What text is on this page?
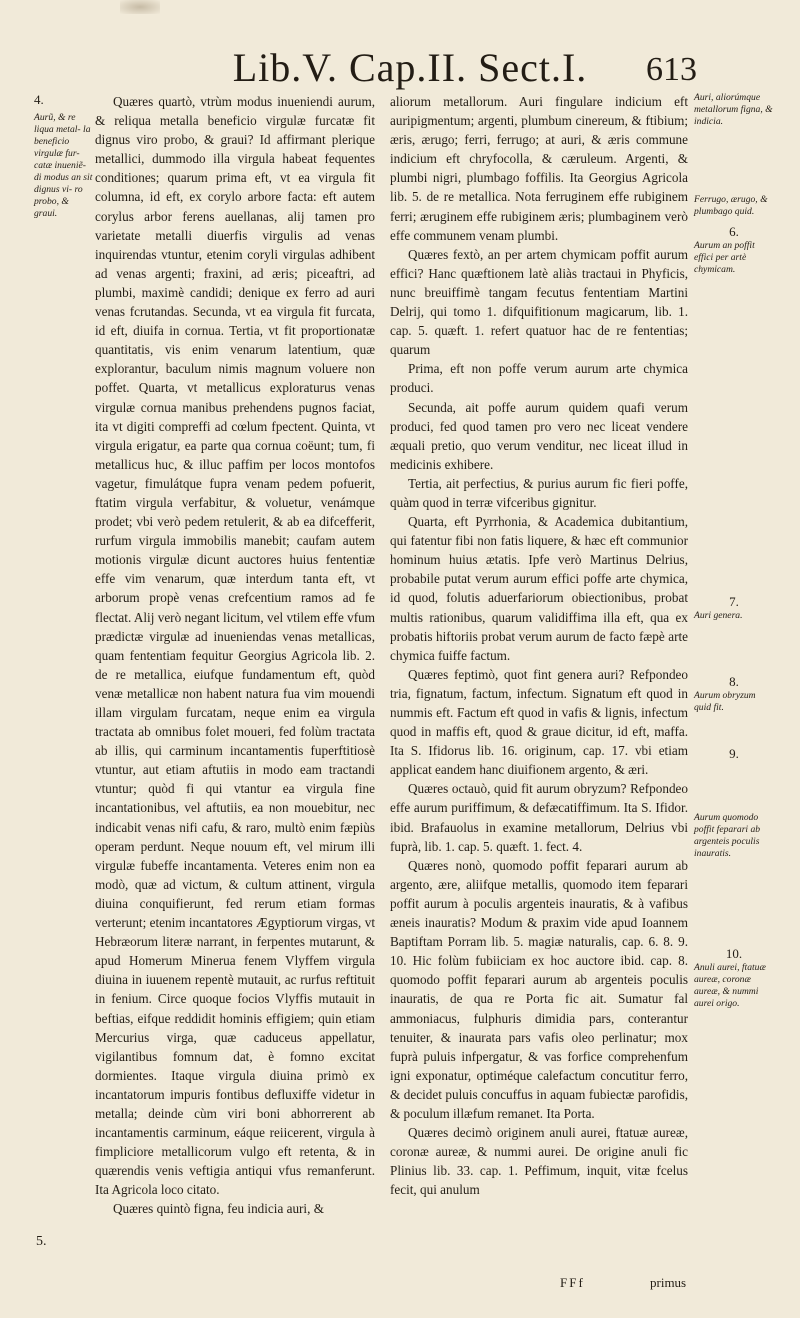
Lib.V. Cap.II. Sect.I.	613
4.
Aurũ, & re liqua metal- la beneficio virgulæ fur- catæ inueniẽ- di modus an sit dignus vi- ro probo, & graui.
5.

Quæres quartò, vtrùm modus inueniendi aurum, & reliqua metalla beneficio virgulæ furcatæ fit dignus viro probo, & graui? Id affirmant plerique metallici, dummodo illa virgula habeat fequentes conditiones; quarum prima eft, vt ea virgula fit columna, id eft, ex corylo arbore facta: eft autem corylus arbor ferens auellanas, alij tamen pro varietate metalli diuerfis virgulis ad venas inquirendas vtuntur, etenim coryli virgulas adhibent ad venas argenti; fraxini, ad æris; piceaftri, ad plumbi, maximè candidi; denique ex ferro ad auri venas fcrutandas. Secunda, vt ea virgula fit furcata, id eft, diuifa in cornua. Tertia, vt fit proportionatæ quantitatis, vis enim venarum latentium, quæ explorantur, baculum nimis magnum voluere non poffet. Quarta, vt metallicus exploraturus venas virgulæ cornua manibus prehendens pugnos faciat, ita vt digiti compreffi ad cœlum fpectent. Quinta, vt virgula erigatur, ea parte qua cornua coëunt; tum, fi metallicus huc, & illuc paffim per locos montofos vagetur, fimulátque fupra venam pedem pofuerit, ftatim virgula verfabitur, & voluetur, venámque prodet; vbi verò pedem retulerit, & ab ea difcefferit, rurfum virgula immobilis manebit; caufam autem motionis virgulæ dicunt auctores huius fententiæ effe vim venarum, quæ interdum tanta eft, vt arborum propè venas crefcentium ramos ad fe flectat. Alij verò negant licitum, vel vtilem effe vfum prædictæ virgulæ ad inueniendas venas metallicas, quam fententiam fequitur Georgius Agricola lib. 2. de re metallica, eiufque fundamentum eft, quòd venæ metallicæ non habent natura fua vim mouendi illam virgulam furcatam, neque enim ea virgula tractata ab omnibus folet moueri, fed folùm tractata ab illis, qui carminum incantamentis fuperftitiosè vtuntur, aut etiam aftutiis in modo eam tractandi vtuntur; quòd fi qui vtantur ea virgula fine incantationibus, vel aftutiis, ea non mouebitur, nec indicabit venas nifi cafu, & raro, multò enim fæpiùs operam perdunt. Neque nouum eft, vel mirum illi virgulæ fubeffe incantamenta. Veteres enim non ea modò, quæ ad victum, & cultum attinent, virgula diuina conquifierunt, fed rerum etiam formas verterunt; etenim incantatores Ægyptiorum virgas, vt Hebræorum literæ narrant, in ferpentes mutarunt, & apud Homerum Minerua fenem Vlyffem virgula diuina in iuuenem repentè mutauit, ac rurfus reftituit in fenium. Circe quoque focios Vlyffis mutauit in beftias, eifque reddidit hominis effigiem; quin etiam Mercurius virga, quæ caduceus appellatur, vigilantibus fomnum dat, è fomno excitat dormientes. Itaque virgula diuina primò ex incantatorum impuris fontibus defluxiffe videtur in metalla; deinde cùm viri boni abhorrerent ab incantamentis carminum, eáque reiicerent, virgula à fimpliciore metallicorum vulgo eft retenta, & in quærendis venis veftigia antiqui vfus remanferunt. Ita Agricola loco citato.

Quæres quintò figna, feu indicia auri, &

aliorum metallorum. Auri fingulare indicium eft auripigmentum; argenti, plumbum cinereum, & ftibium; æris, ærugo; ferri, ferrugo; at auri, & æris commune indicium eft chryfocolla, & cæruleum. Argenti, & plumbi nigri, plumbago foffilis. Ita Georgius Agricola lib. 5. de re metallica. Nota ferruginem effe rubiginem ferri; æruginem effe rubiginem æris; plumbaginem verò effe communem venam plumbi.

Quæres fextò, an per artem chymicam poffit aurum effici? Hanc quæftionem latè aliàs tractaui in Phyficis, nunc breuiffimè tangam fecutus fententiam Martini Delrij, qui tomo 1. difquifitionum magicarum, lib. 1. cap. 5. quæft. 1. refert quatuor hac de re fententias; quarum

Prima, eft non poffe verum aurum arte chymica produci.

Secunda, ait poffe aurum quidem quafi verum produci, fed quod tamen pro vero nec liceat vendere æquali pretio, quo verum venditur, nec liceat illud in medicinis exhibere.

Tertia, ait perfectius, & purius aurum fic fieri poffe, quàm quod in terræ vifceribus gignitur.

Quarta, eft Pyrrhonia, & Academica dubitantium, qui fatentur fibi non fatis liquere, & hæc eft communior hominum huius ætatis. Ipfe verò Martinus Delrius, probabile putat verum aurum effici poffe arte chymica, id quod, folutis aduerfariorum obiectionibus, probat multis rationibus, quarum validiffima illa eft, qua ex probatis hiftoriis probat verum aurum de facto fæpè arte chymica fuiffe factum.

Quæres feptimò, quot fint genera auri? Refpondeo tria, fignatum, factum, infectum. Signatum eft quod in nummis eft. Factum eft quod in vafis & lignis, infectum quod in maffis eft, quod & graue dicitur, id eft, maffa. Ita S. Ifidorus lib. 16. originum, cap. 17. vbi etiam applicat eandem hanc diuifionem argento, & æri.

Quæres octauò, quid fit aurum obryzum? Refpondeo effe aurum puriffimum, & defæcatiffimum. Ita S. Ifidor. ibid. Brafauolus in examine metallorum, Delrius vbi fuprà, lib. 1. cap. 5. quæft. 1. fect. 4.

Quæres nonò, quomodo poffit feparari aurum ab argento, ære, aliifque metallis, quomodo item feparari poffit aurum à poculis argenteis inauratis, & à vafibus æneis inauratis? Modum & praxim vide apud Ioannem Baptiftam Porram lib. 5. magiæ naturalis, cap. 6. 8. 9. 10. Hic folùm fubiiciam ex hoc auctore ibid. cap. 8. quomodo poffit feparari aurum ab argenteis poculis inauratis, de qua re Porta fic ait. Sumatur fal ammoniacus, fulphuris dimidia pars, conterantur tenuiter, & inaurata pars vafis oleo perlinatur; mox fuprà puluis infpergatur, & vas forfice comprehenfum igni exponatur, optiméque calefactum concutitur ferro, & decidet puluis concuffus in aquam fubiectæ parofidis, & poculum illæfum remanet. Ita Porta.

Quæres decimò originem anuli aurei, ftatuæ aureæ, coronæ aureæ, & nummi aurei. De origine anuli fic Plinius lib. 33. cap. 1. Peffimum, inquit, vitæ fcelus fecit, qui anulum

Auri, aliorúmque metallorum figna, & indicia.
Ferrugo, ærugo, & plumbago quid.
6.
Aurum an poffit effici per artè chymicam.
7.
Auri genera.
8.
Aurum obryzum quid fit.
9.
Aurum quomodo poffit feparari ab argenteis poculis inauratis.
10.
Anuli aurei, ftatuæ aureæ, coronæ aureæ, & nummi aurei origo.
FFf	primus
